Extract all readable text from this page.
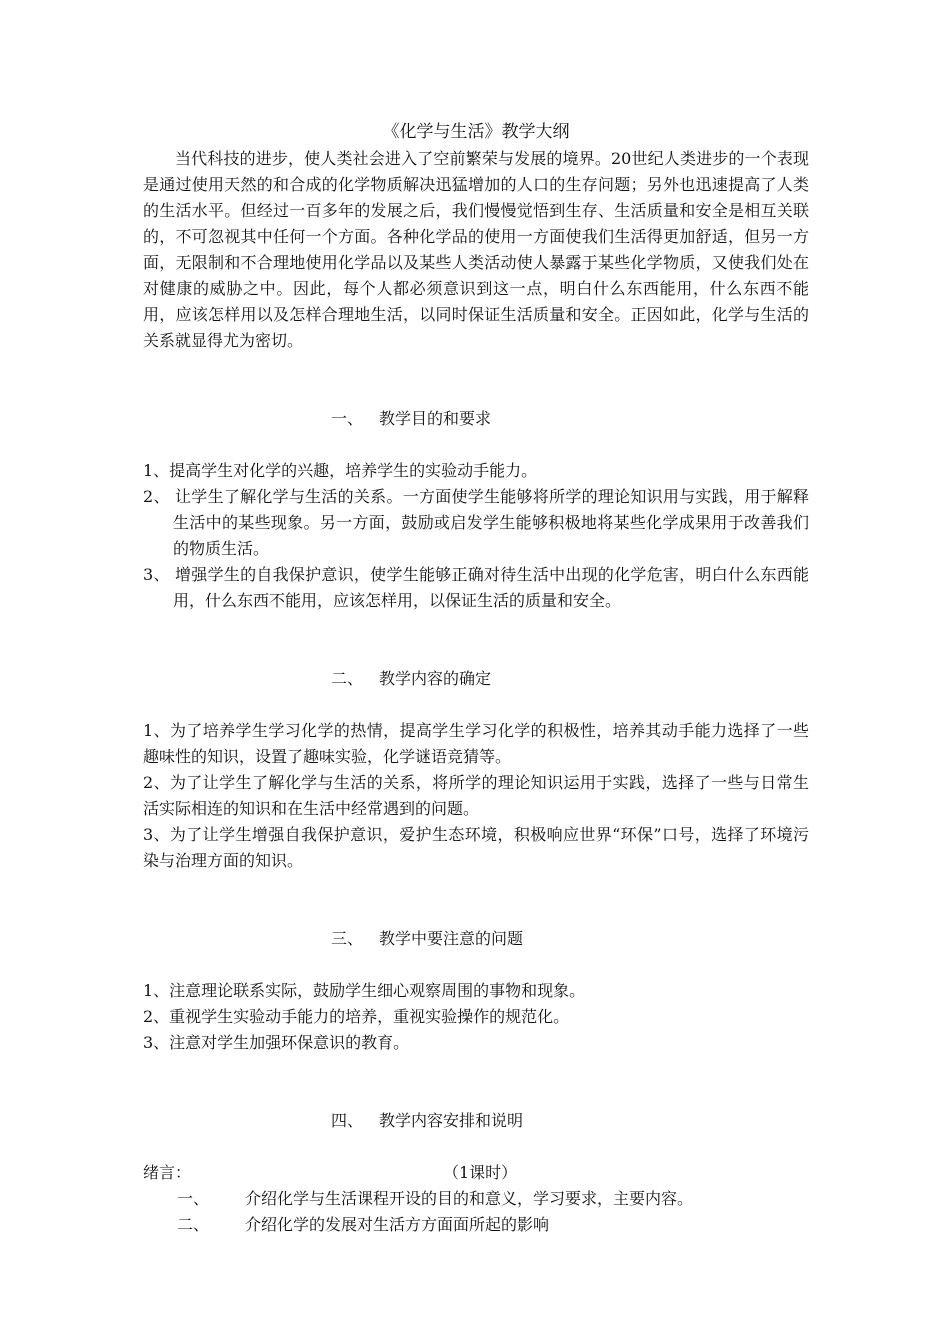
《化学与生活》教学大纲

当代科技的进步，使人类社会进入了空前繁荣与发展的境界。20世纪人类进步的一个表现是通过使用天然的和合成的化学物质解决迅猛增加的人口的生存问题；另外也迅速提高了人类的生活水平。但经过一百多年的发展之后，我们慢慢觉悟到生存、生活质量和安全是相互关联的，不可忽视其中任何一个方面。各种化学品的使用一方面使我们生活得更加舒适，但另一方面，无限制和不合理地使用化学品以及某些人类活动使人暴露于某些化学物质，又使我们处在对健康的威胁之中。因此，每个人都必须意识到这一点，明白什么东西能用，什么东西不能用，应该怎样用以及怎样合理地生活，以同时保证生活质量和安全。正因如此，化学与生活的关系就显得尤为密切。

一、 教学目的和要求

1、提高学生对化学的兴趣，培养学生的实验动手能力。

2、 让学生了解化学与生活的关系。一方面使学生能够将所学的理论知识用与实践，用于解释生活中的某些现象。另一方面，鼓励或启发学生能够积极地将某些化学成果用于改善我们的物质生活。

3、 增强学生的自我保护意识，使学生能够正确对待生活中出现的化学危害，明白什么东西能用，什么东西不能用，应该怎样用，以保证生活的质量和安全。

二、 教学内容的确定

1、为了培养学生学习化学的热情，提高学生学习化学的积极性，培养其动手能力选择了一些趣味性的知识，设置了趣味实验，化学谜语竞猜等。

2、为了让学生了解化学与生活的关系，将所学的理论知识运用于实践，选择了一些与日常生活实际相连的知识和在生活中经常遇到的问题。

3、为了让学生增强自我保护意识，爱护生态环境，积极响应世界“环保”口号，选择了环境污染与治理方面的知识。

三、 教学中要注意的问题

1、注意理论联系实际，鼓励学生细心观察周围的事物和现象。

2、重视学生实验动手能力的培养，重视实验操作的规范化。

3、注意对学生加强环保意识的教育。

四、 教学内容安排和说明
绪言：	（1课时）
一、	介绍化学与生活课程开设的目的和意义，学习要求，主要内容。
二、	介绍化学的发展对生活方方面面所起的影响
